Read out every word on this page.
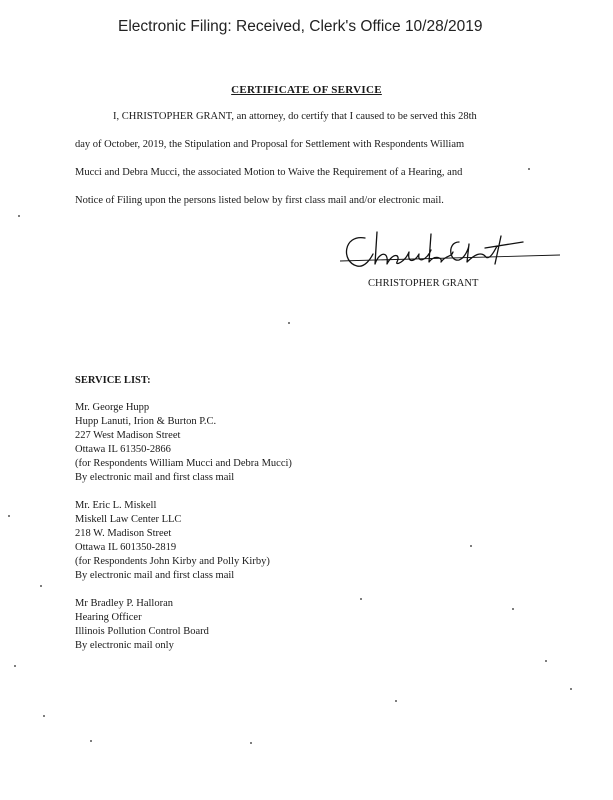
Electronic Filing: Received, Clerk's Office 10/28/2019
CERTIFICATE OF SERVICE
I, CHRISTOPHER GRANT, an attorney, do certify that I caused to be served this 28th
day of October, 2019, the Stipulation and Proposal for Settlement with Respondents William
Mucci and Debra Mucci, the associated Motion to Waive the Requirement of a Hearing, and
Notice of Filing upon the persons listed below by first class mail and/or electronic mail.
CHRISTOPHER GRANT
SERVICE LIST:
Mr. George Hupp
Hupp Lanuti, Irion & Burton P.C.
227 West Madison Street
Ottawa IL 61350-2866
(for Respondents William Mucci and Debra Mucci)
By electronic mail and first class mail
Mr. Eric L. Miskell
Miskell Law Center LLC
218 W. Madison Street
Ottawa IL 601350-2819
(for Respondents John Kirby and Polly Kirby)
By electronic mail and first class mail
Mr Bradley P. Halloran
Hearing Officer
Illinois Pollution Control Board
By electronic mail only
